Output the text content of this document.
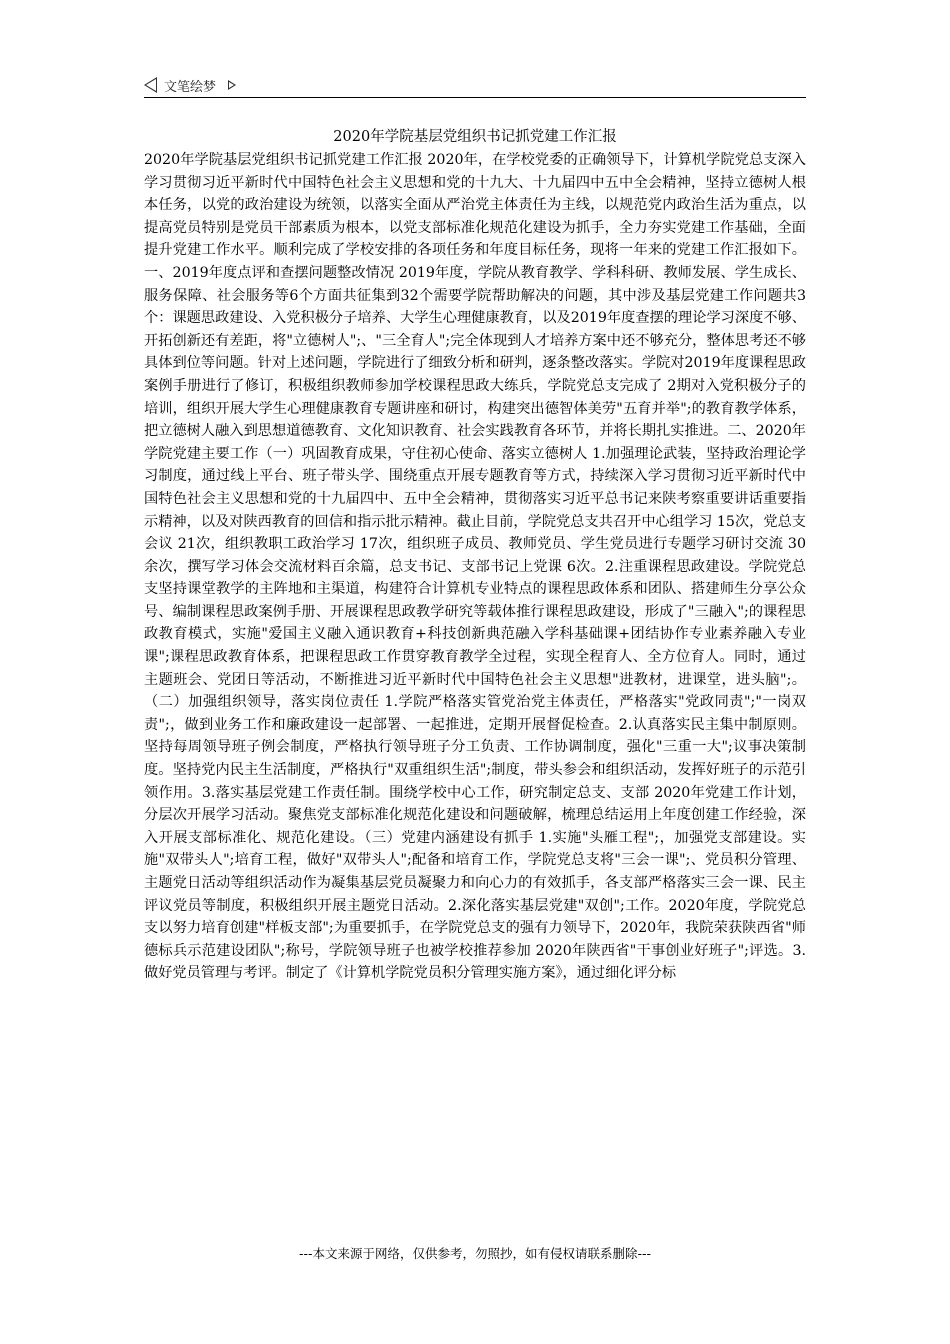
文笔绘梦
2020年学院基层党组织书记抓党建工作汇报

2020年学院基层党组织书记抓党建工作汇报 2020年，在学校党委的正确领导下，计算机学院党总支深入学习贯彻习近平新时代中国特色社会主义思想和党的十九大、十九届四中五中全会精神，坚持立德树人根本任务，以党的政治建设为统领，以落实全面从严治党主体责任为主线，以规范党内政治生活为重点，以提高党员特别是党员干部素质为根本，以党支部标准化规范化建设为抓手，全力夯实党建工作基础，全面提升党建工作水平。顺利完成了学校安排的各项任务和年度目标任务，现将一年来的党建工作汇报如下。一、2019年度点评和查摆问题整改情况 2019年度，学院从教育教学、学科科研、教师发展、学生成长、服务保障、社会服务等6个方面共征集到32个需要学院帮助解决的问题，其中涉及基层党建工作问题共3个：课题思政建设、入党积极分子培养、大学生心理健康教育，以及2019年度查摆的理论学习深度不够、开拓创新还有差距，将"立德树人";、"三全育人";完全体现到人才培养方案中还不够充分，整体思考还不够具体到位等问题。针对上述问题，学院进行了细致分析和研判，逐条整改落实。学院对2019年度课程思政案例手册进行了修订，积极组织教师参加学校课程思政大练兵，学院党总支完成了 2期对入党积极分子的培训，组织开展大学生心理健康教育专题讲座和研讨，构建突出德智体美劳"五育并举";的教育教学体系，把立德树人融入到思想道德教育、文化知识教育、社会实践教育各环节，并将长期扎实推进。二、2020年学院党建主要工作（一）巩固教育成果，守住初心使命、落实立德树人 1.加强理论武装，坚持政治理论学习制度，通过线上平台、班子带头学、围绕重点开展专题教育等方式，持续深入学习贯彻习近平新时代中国特色社会主义思想和党的十九届四中、五中全会精神，贯彻落实习近平总书记来陕考察重要讲话重要指示精神，以及对陕西教育的回信和指示批示精神。截止目前，学院党总支共召开中心组学习 15次，党总支会议 21次，组织教职工政治学习 17次，组织班子成员、教师党员、学生党员进行专题学习研讨交流 30余次，撰写学习体会交流材料百余篇，总支书记、支部书记上党课 6次。2.注重课程思政建设。学院党总支坚持课堂教学的主阵地和主渠道，构建符合计算机专业特点的课程思政体系和团队、搭建师生分享公众号、编制课程思政案例手册、开展课程思政教学研究等载体推行课程思政建设，形成了"三融入";的课程思政教育模式，实施"爱国主义融入通识教育+科技创新典范融入学科基础课+团结协作专业素养融入专业课";课程思政教育体系，把课程思政工作贯穿教育教学全过程，实现全程育人、全方位育人。同时，通过主题班会、党团日等活动，不断推进习近平新时代中国特色社会主义思想"进教材，进课堂，进头脑";。（二）加强组织领导，落实岗位责任 1.学院严格落实管党治党主体责任，严格落实"党政同责";"一岗双责";，做到业务工作和廉政建设一起部署、一起推进，定期开展督促检查。2.认真落实民主集中制原则。坚持每周领导班子例会制度，严格执行领导班子分工负责、工作协调制度，强化"三重一大";议事决策制度。坚持党内民主生活制度，严格执行"双重组织生活";制度，带头参会和组织活动，发挥好班子的示范引领作用。3.落实基层党建工作责任制。围绕学校中心工作，研究制定总支、支部 2020年党建工作计划，分层次开展学习活动。聚焦党支部标准化规范化建设和问题破解，梳理总结运用上年度创建工作经验，深入开展支部标准化、规范化建设。（三）党建内涵建设有抓手 1.实施"头雁工程";，加强党支部建设。实施"双带头人";培育工程，做好"双带头人";配备和培育工作，学院党总支将"三会一课";、党员积分管理、主题党日活动等组织活动作为凝集基层党员凝聚力和向心力的有效抓手，各支部严格落实三会一课、民主评议党员等制度，积极组织开展主题党日活动。2.深化落实基层党建"双创";工作。2020年度，学院党总支以努力培育创建"样板支部";为重要抓手，在学院党总支的强有力领导下，2020年，我院荣获陕西省"师德标兵示范建设团队";称号，学院领导班子也被学校推荐参加 2020年陕西省"干事创业好班子";评选。3.做好党员管理与考评。制定了《计算机学院党员积分管理实施方案》，通过细化评分标

---本文来源于网络，仅供参考，勿照抄，如有侵权请联系删除---
